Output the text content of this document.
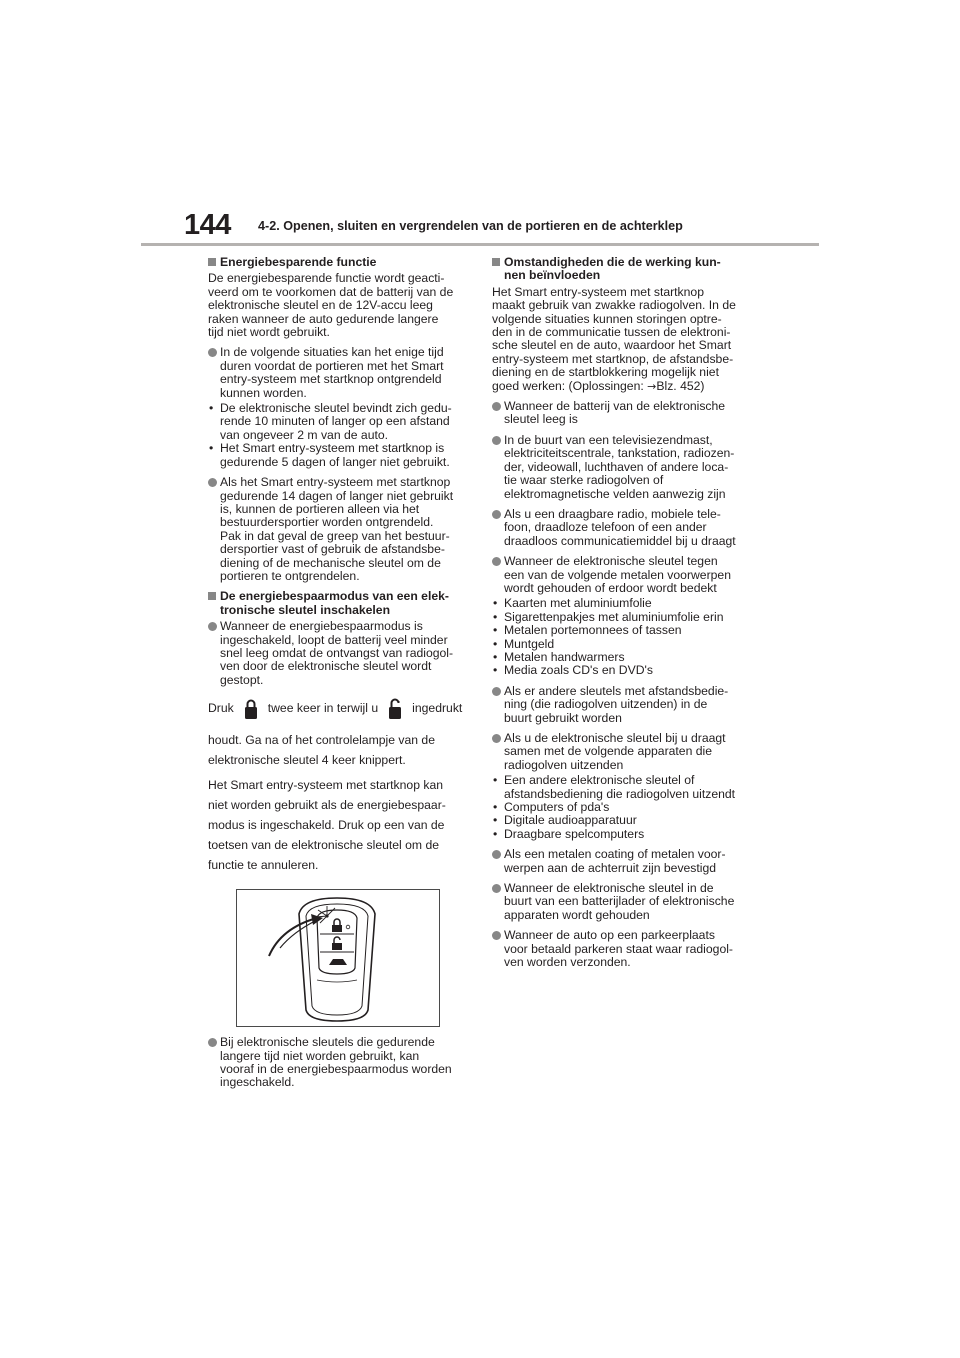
144 4-2. Openen, sluiten en vergrendelen van de portieren en de achterklep
Energiebesparende functie
De energiebesparende functie wordt geacti-
veerd om te voorkomen dat de batterij van de
elektronische sleutel en de 12V-accu leeg
raken wanneer de auto gedurende langere
tijd niet wordt gebruikt.
In de volgende situaties kan het enige tijd
duren voordat de portieren met het Smart
entry-systeem met startknop ontgrendeld
kunnen worden.
• De elektronische sleutel bevindt zich gedu-
rende 10 minuten of langer op een afstand
van ongeveer 2 m van de auto.
• Het Smart entry-systeem met startknop is
gedurende 5 dagen of langer niet gebruikt.
Als het Smart entry-systeem met startknop
gedurende 14 dagen of langer niet gebruikt
is, kunnen de portieren alleen via het
bestuurdersportier worden ontgrendeld.
Pak in dat geval de greep van het bestuur-
dersportier vast of gebruik de afstandsbe-
diening of de mechanische sleutel om de
portieren te ontgrendelen.
De energiebespaarmodus van een elek-
tronische sleutel inschakelen
Wanneer de energiebespaarmodus is
ingeschakeld, loopt de batterij veel minder
snel leeg omdat de ontvangst van radiogol-
ven door de elektronische sleutel wordt
gestopt.
Druk	twee keer in terwijl u	ingedrukt
houdt. Ga na of het controlelampje van de
elektronische sleutel 4 keer knippert.
Het Smart entry-systeem met startknop kan
niet worden gebruikt als de energiebespaar-
modus is ingeschakeld. Druk op een van de
toetsen van de elektronische sleutel om de
functie te annuleren.
Bij elektronische sleutels die gedurende
langere tijd niet worden gebruikt, kan
vooraf in de energiebespaarmodus worden
ingeschakeld.
Omstandigheden die de werking kun-
nen beïnvloeden
Het Smart entry-systeem met startknop
maakt gebruik van zwakke radiogolven. In de
volgende situaties kunnen storingen optre-
den in de communicatie tussen de elektroni-
sche sleutel en de auto, waardoor het Smart
entry-systeem met startknop, de afstandsbe-
diening en de startblokkering mogelijk niet
goed werken: (Oplossingen: →Blz. 452)
Wanneer de batterij van de elektronische
sleutel leeg is
In de buurt van een televisiezendmast,
elektriciteitscentrale, tankstation, radiozen-
der, videowall, luchthaven of andere loca-
tie waar sterke radiogolven of
elektromagnetische velden aanwezig zijn
Als u een draagbare radio, mobiele tele-
foon, draadloze telefoon of een ander
draadloos communicatiemiddel bij u draagt
Wanneer de elektronische sleutel tegen
een van de volgende metalen voorwerpen
wordt gehouden of erdoor wordt bedekt
• Kaarten met aluminiumfolie
• Sigarettenpakjes met aluminiumfolie erin
• Metalen portemonnees of tassen
• Muntgeld
• Metalen handwarmers
• Media zoals CD's en DVD's
Als er andere sleutels met afstandsbedie-
ning (die radiogolven uitzenden) in de
buurt gebruikt worden
Als u de elektronische sleutel bij u draagt
samen met de volgende apparaten die
radiogolven uitzenden
• Een andere elektronische sleutel of
afstandsbediening die radiogolven uitzendt
• Computers of pda's
• Digitale audioapparatuur
• Draagbare spelcomputers
Als een metalen coating of metalen voor-
werpen aan de achterruit zijn bevestigd
Wanneer de elektronische sleutel in de
buurt van een batterijlader of elektronische
apparaten wordt gehouden
Wanneer de auto op een parkeerplaats
voor betaald parkeren staat waar radiogol-
ven worden verzonden.
